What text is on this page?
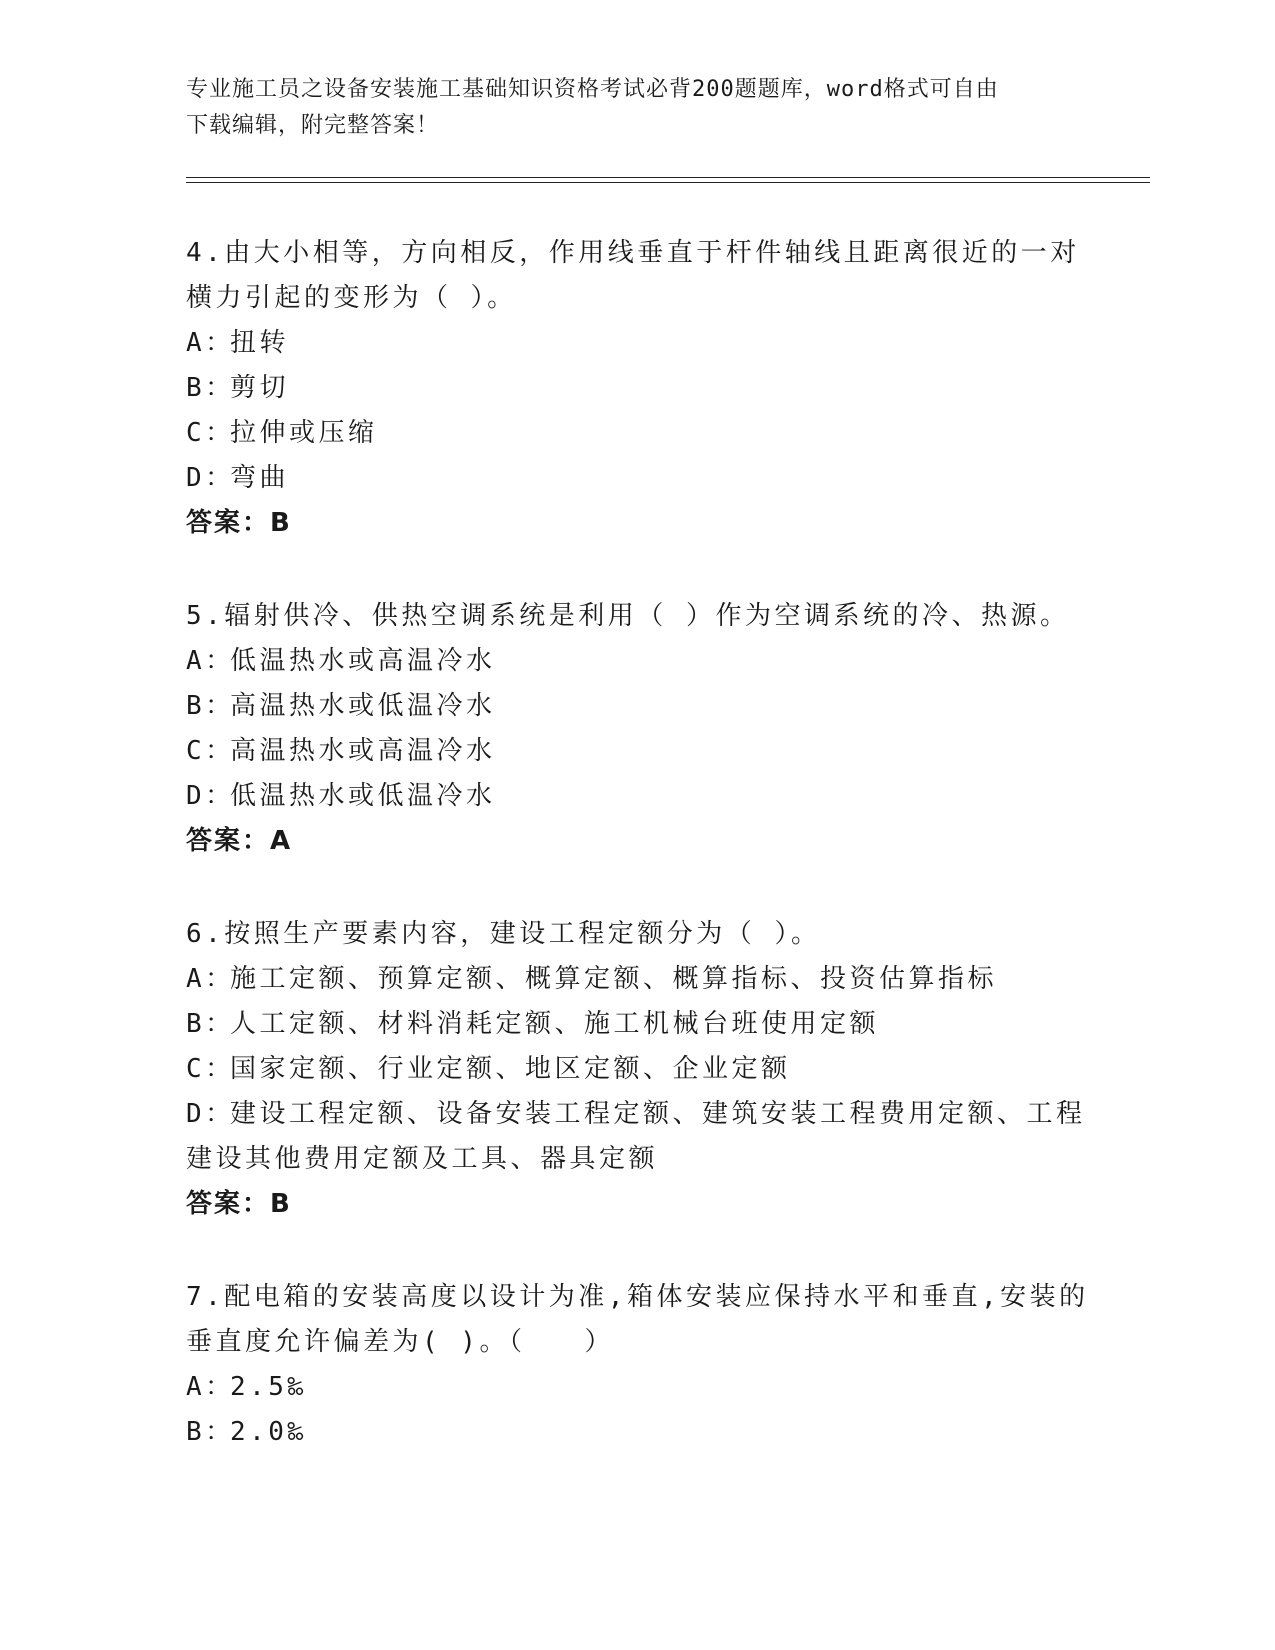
专业施工员之设备安装施工基础知识资格考试必背200题题库，word格式可自由
下载编辑，附完整答案！
4.由大小相等，方向相反，作用线垂直于杆件轴线且距离很近的一对
横力引起的变形为（ ）。
A：扭转
B：剪切
C：拉伸或压缩
D：弯曲
答案：B
5.辐射供冷、供热空调系统是利用（ ）作为空调系统的冷、热源。
A：低温热水或高温冷水
B：高温热水或低温冷水
C：高温热水或高温冷水
D：低温热水或低温冷水
答案：A
6.按照生产要素内容，建设工程定额分为（ ）。
A：施工定额、预算定额、概算定额、概算指标、投资估算指标
B：人工定额、材料消耗定额、施工机械台班使用定额
C：国家定额、行业定额、地区定额、企业定额
D：建设工程定额、设备安装工程定额、建筑安装工程费用定额、工程
建设其他费用定额及工具、器具定额
答案：B
7.配电箱的安装高度以设计为准,箱体安装应保持水平和垂直,安装的
垂直度允许偏差为( )。（　　）
A：2.5‰
B：2.0‰
